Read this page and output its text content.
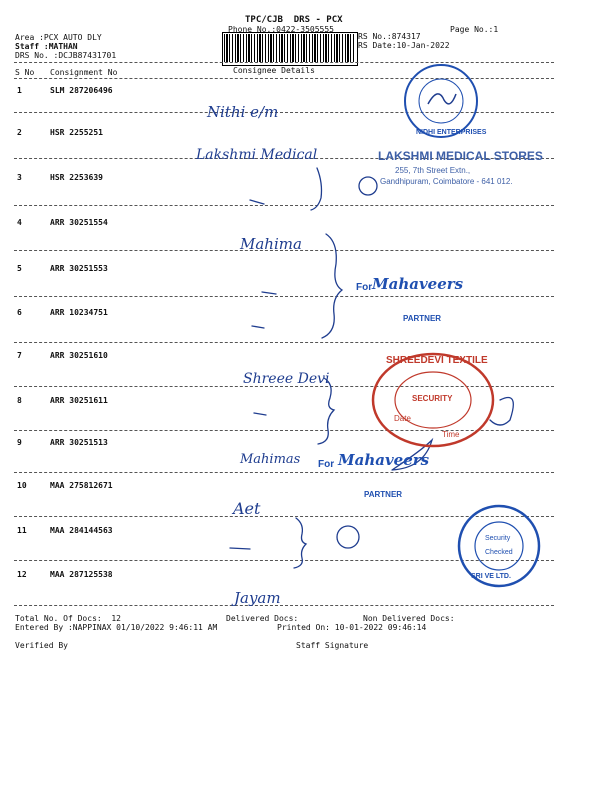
TPC/CJB  DRS - PCX
Phone No.:0422-3505555	Page No.:1
Area :PCX AUTO DLY
Staff :MATHAN
DRS No. :DCJB87431701
RS No.:874317
RS Date:10-Jan-2022
S No Consignment No	Consignee Details
1	SLM 287206496
2	HSR 2255251
3	HSR 2253639
4	ARR 30251554
5	ARR 30251553
6	ARR 10234751
7	ARR 30251610
8	ARR 30251611
9	ARR 30251513
10	MAA 275812671
11	MAA 284144563
12	MAA 287125538
Nithi e/m
Lakshmi Medical
Mahima
Shreee Devi
Mahimas
Aet
Jayam
NIDHI ENTERPRISES
LAKSHMI MEDICAL STORES
255, 7th Street Extn.,
Gandhipuram, Coimbatore - 641 012.
For Mahaveers
PARTNER
SHREEDEVI TEXTILE
SECURITY
Date
Time
For Mahaveers
PARTNER
Security
Checked
SRI VE LTD.
Total No. Of Docs:  12	Delivered Docs:	Non Delivered Docs:
Entered By :NAPPINAX 01/10/2022 9:46:11 AM	Printed On: 10-01-2022 09:46:14
Verified By	Staff Signature
